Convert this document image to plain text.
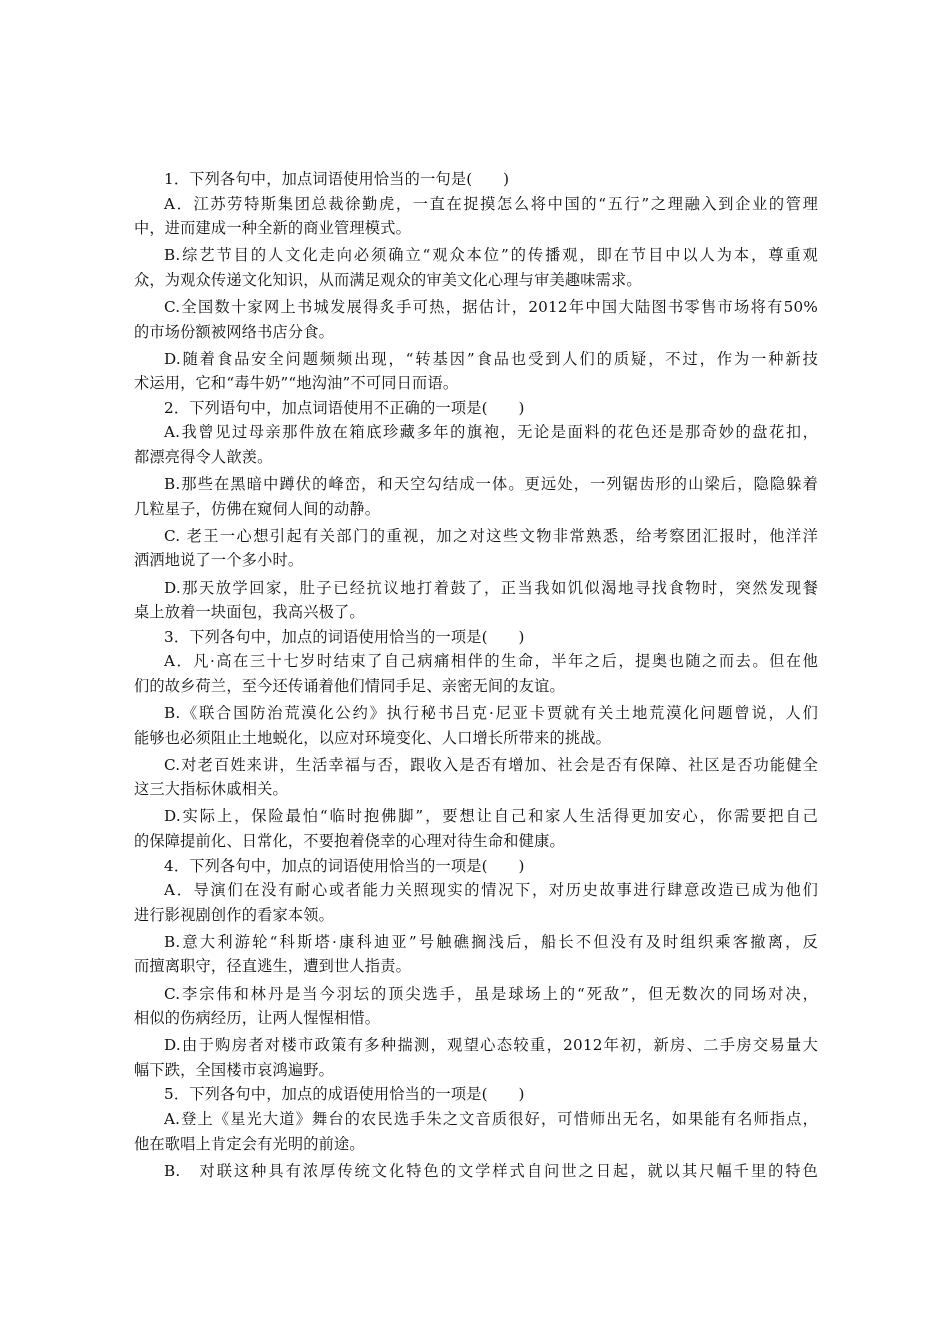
1．下列各句中，加点词语使用恰当的一句是(　　)
A．江苏劳特斯集团总裁徐勤虎，一直在捉摸怎么将中国的“五行”之理融入到企业的管理
中，进而建成一种全新的商业管理模式。
B.综艺节目的人文化走向必须确立“观众本位”的传播观，即在节目中以人为本，尊重观
众，为观众传递文化知识，从而满足观众的审美文化心理与审美趣味需求。
C.全国数十家网上书城发展得炙手可热，据估计，2012年中国大陆图书零售市场将有50%
的市场份额被网络书店分食。
D.随着食品安全问题频频出现，“转基因”食品也受到人们的质疑，不过，作为一种新技
术运用，它和“毒牛奶”“地沟油”不可同日而语。
2．下列语句中，加点词语使用不正确的一项是(　　)
A.我曾见过母亲那件放在箱底珍藏多年的旗袍，无论是面料的花色还是那奇妙的盘花扣，
都漂亮得令人歆羡。
B.那些在黑暗中蹲伏的峰峦，和天空勾结成一体。更远处，一列锯齿形的山梁后，隐隐躲着
几粒星子，仿佛在窥伺人间的动静。
C. 老王一心想引起有关部门的重视，加之对这些文物非常熟悉，给考察团汇报时，他洋洋
洒洒地说了一个多小时。
D.那天放学回家，肚子已经抗议地打着鼓了，正当我如饥似渴地寻找食物时，突然发现餐
桌上放着一块面包，我高兴极了。
3．下列各句中，加点的词语使用恰当的一项是(　　)
A．凡·高在三十七岁时结束了自己病痛相伴的生命，半年之后，提奥也随之而去。但在他
们的故乡荷兰，至今还传诵着他们情同手足、亲密无间的友谊。
B.《联合国防治荒漠化公约》执行秘书吕克·尼亚卡贾就有关土地荒漠化问题曾说，人们
能够也必须阻止土地蜕化，以应对环境变化、人口增长所带来的挑战。
C.对老百姓来讲，生活幸福与否，跟收入是否有增加、社会是否有保障、社区是否功能健全
这三大指标休戚相关。
D.实际上，保险最怕“临时抱佛脚”，要想让自己和家人生活得更加安心，你需要把自己
的保障提前化、日常化，不要抱着侥幸的心理对待生命和健康。
4．下列各句中，加点的词语使用恰当的一项是(　　)
A．导演们在没有耐心或者能力关照现实的情况下，对历史故事进行肆意改造已成为他们
进行影视剧创作的看家本领。
B.意大利游轮“科斯塔·康科迪亚”号触礁搁浅后，船长不但没有及时组织乘客撤离，反
而擅离职守，径直逃生，遭到世人指责。
C.李宗伟和林丹是当今羽坛的顶尖选手，虽是球场上的“死敌”，但无数次的同场对决，
相似的伤病经历，让两人惺惺相惜。
D.由于购房者对楼市政策有多种揣测，观望心态较重，2012年初，新房、二手房交易量大
幅下跌，全国楼市哀鸿遍野。
5．下列各句中，加点的成语使用恰当的一项是(　　)
A.登上《星光大道》舞台的农民选手朱之文音质很好，可惜师出无名，如果能有名师指点，
他在歌唱上肯定会有光明的前途。
B.　对联这种具有浓厚传统文化特色的文学样式自问世之日起，就以其尺幅千里的特色
